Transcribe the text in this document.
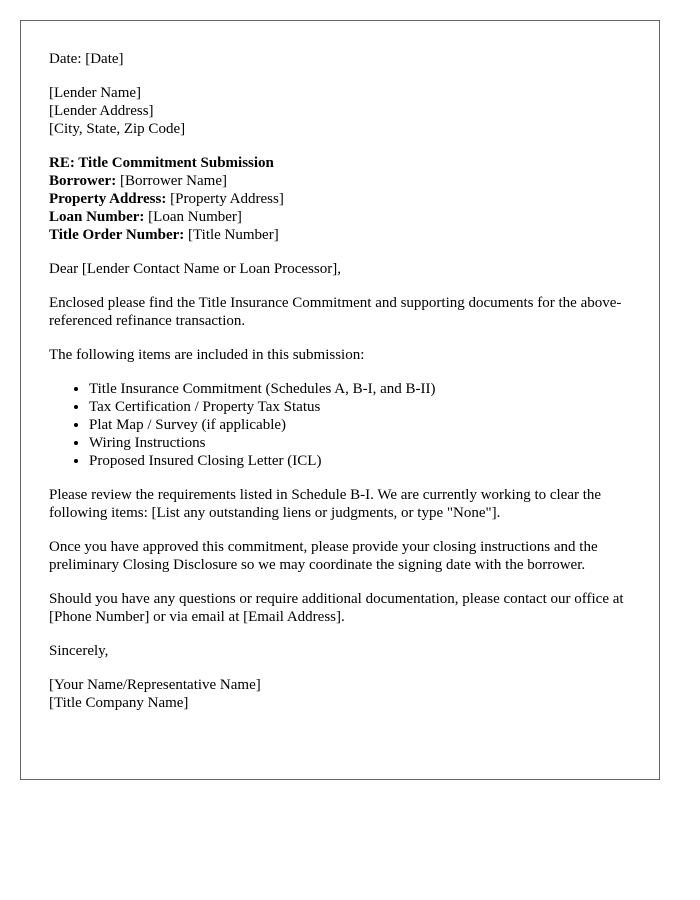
Date: [Date]

[Lender Name]
[Lender Address]
[City, State, Zip Code]
RE: Title Commitment Submission
Borrower: [Borrower Name]
Property Address: [Property Address]
Loan Number: [Loan Number]
Title Order Number: [Title Number]

Dear [Lender Contact Name or Loan Processor],

Enclosed please find the Title Insurance Commitment and supporting documents for the above-referenced refinance transaction.

The following items are included in this submission:

• Title Insurance Commitment (Schedules A, B-I, and B-II)
• Tax Certification / Property Tax Status
• Plat Map / Survey (if applicable)
• Wiring Instructions
• Proposed Insured Closing Letter (ICL)

Please review the requirements listed in Schedule B-I. We are currently working to clear the following items: [List any outstanding liens or judgments, or type "None"].

Once you have approved this commitment, please provide your closing instructions and the preliminary Closing Disclosure so we may coordinate the signing date with the borrower.

Should you have any questions or require additional documentation, please contact our office at [Phone Number] or via email at [Email Address].

Sincerely,

[Your Name/Representative Name]
[Title Company Name]
